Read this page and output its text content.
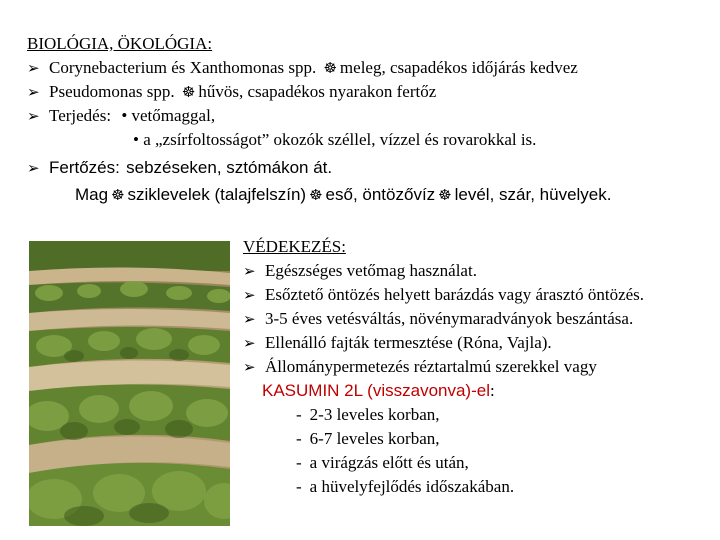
BIOLÓGIA, ÖKOLÓGIA:
➢ Corynebacterium és Xanthomonas spp. ☸ meleg, csapadékos időjárás kedvez
➢ Pseudomonas spp. ☸ hűvös, csapadékos nyarakon fertőz
➢ Terjedés: • vetőmaggal,
• a „zsírfoltosságot” okozók széllel, vízzel és rovarokkal is.
➢ Fertőzés: sebzéseken, sztómákon át.
Mag ☸ sziklevelek (talajfelszín) ☸ eső, öntözővíz ☸ levél, szár, hüvelyek.
VÉDEKEZÉS:
➢ Egészséges vetőmag használat.
➢ Esőztető öntözés helyett barázdás vagy árasztó öntözés.
➢ 3-5 éves vetésváltás, növénymaradványok beszántása.
➢ Ellenálló fajták termesztése (Róna, Vajla).
➢ Állománypermetezés réztartalmú szerekkel vagy
KASUMIN 2L (visszavonva)-el:
- 2-3 leveles korban,
- 6-7 leveles korban,
- a virágzás előtt és után,
- a hüvelyfejlődés időszakában.
